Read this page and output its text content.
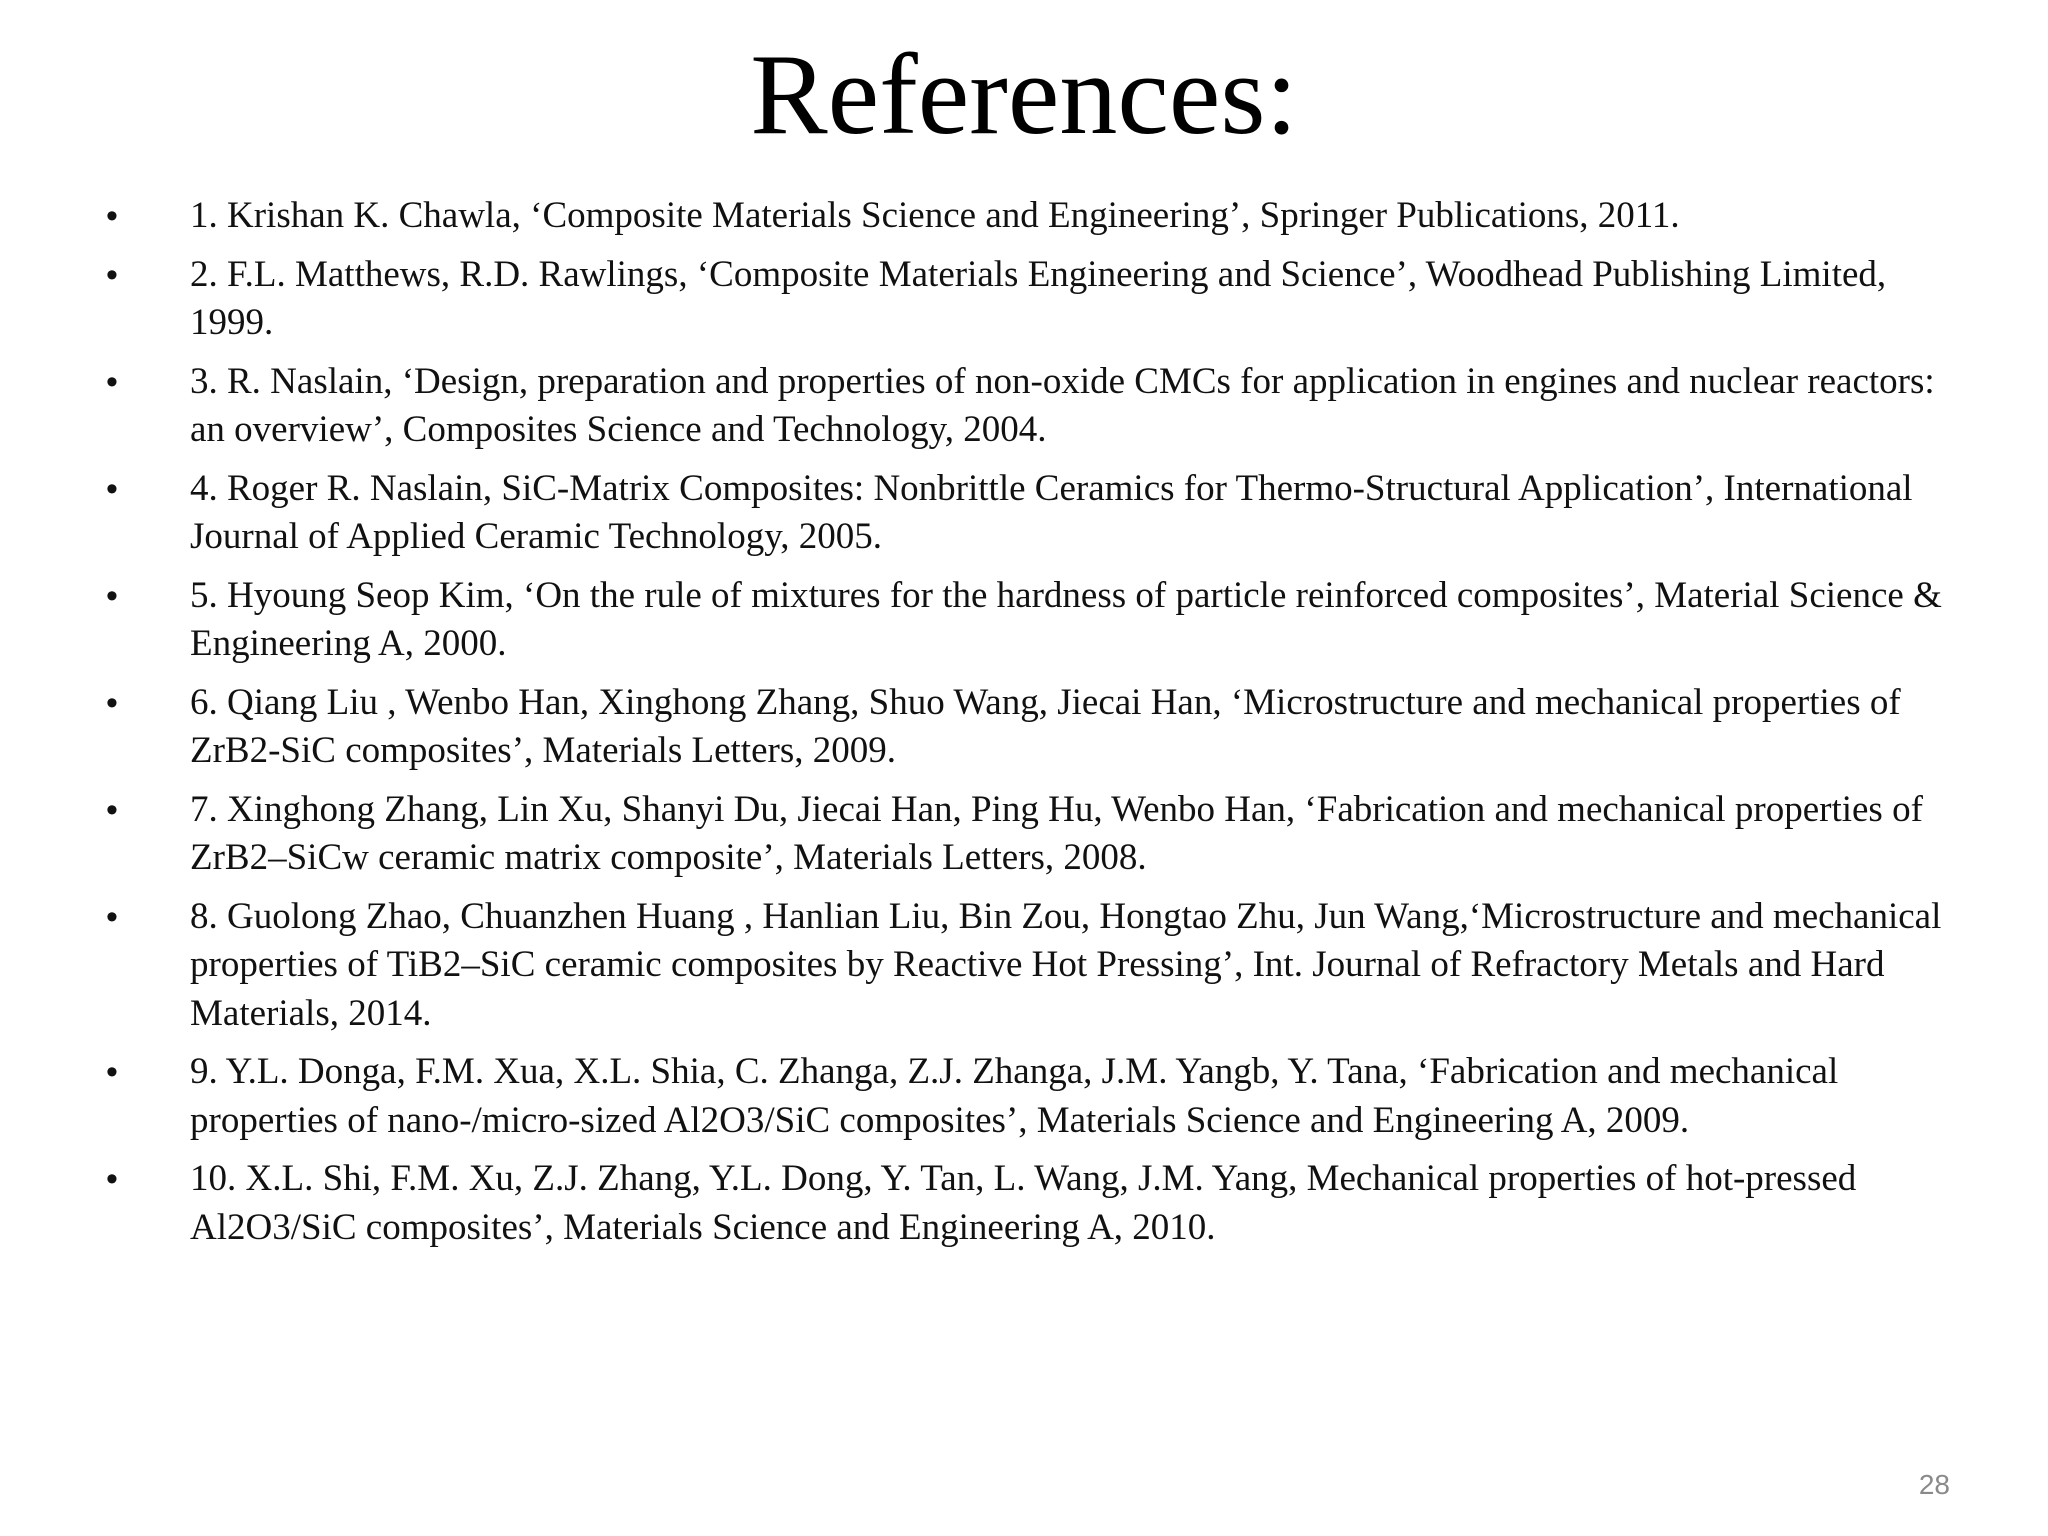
References:
•	1. Krishan K. Chawla, ‘Composite Materials Science and Engineering’, Springer Publications, 2011.
•	2. F.L. Matthews, R.D. Rawlings, ‘Composite Materials Engineering and Science’, Woodhead Publishing Limited, 1999.
•	3. R. Naslain, ‘Design, preparation and properties of non-oxide CMCs for application in engines and nuclear reactors: an overview’, Composites Science and Technology, 2004.
•	4. Roger R. Naslain, SiC-Matrix Composites: Nonbrittle Ceramics for Thermo-Structural Application’, International Journal of Applied Ceramic Technology, 2005.
•	5. Hyoung Seop Kim, ‘On the rule of mixtures for the hardness of particle reinforced composites’, Material Science & Engineering A, 2000.
•	6. Qiang Liu , Wenbo Han, Xinghong Zhang, Shuo Wang, Jiecai Han, ‘Microstructure and mechanical properties of ZrB2-SiC composites’, Materials Letters, 2009.
•	7. Xinghong Zhang, Lin Xu, Shanyi Du, Jiecai Han, Ping Hu, Wenbo Han, ‘Fabrication and mechanical properties of ZrB2–SiCw ceramic matrix composite’, Materials Letters, 2008.
•	8. Guolong Zhao, Chuanzhen Huang , Hanlian Liu, Bin Zou, Hongtao Zhu, Jun Wang,‘Microstructure and mechanical properties of TiB2–SiC ceramic composites by Reactive Hot Pressing’, Int. Journal of Refractory Metals and Hard Materials, 2014.
•	9. Y.L. Donga, F.M. Xua, X.L. Shia, C. Zhanga, Z.J. Zhanga, J.M. Yangb, Y. Tana, ‘Fabrication and mechanical properties of nano-/micro-sized Al2O3/SiC composites’, Materials Science and Engineering A, 2009.
•	10. X.L. Shi, F.M. Xu, Z.J. Zhang, Y.L. Dong, Y. Tan, L. Wang, J.M. Yang, Mechanical properties of hot-pressed Al2O3/SiC composites’, Materials Science and Engineering A, 2010.
28
